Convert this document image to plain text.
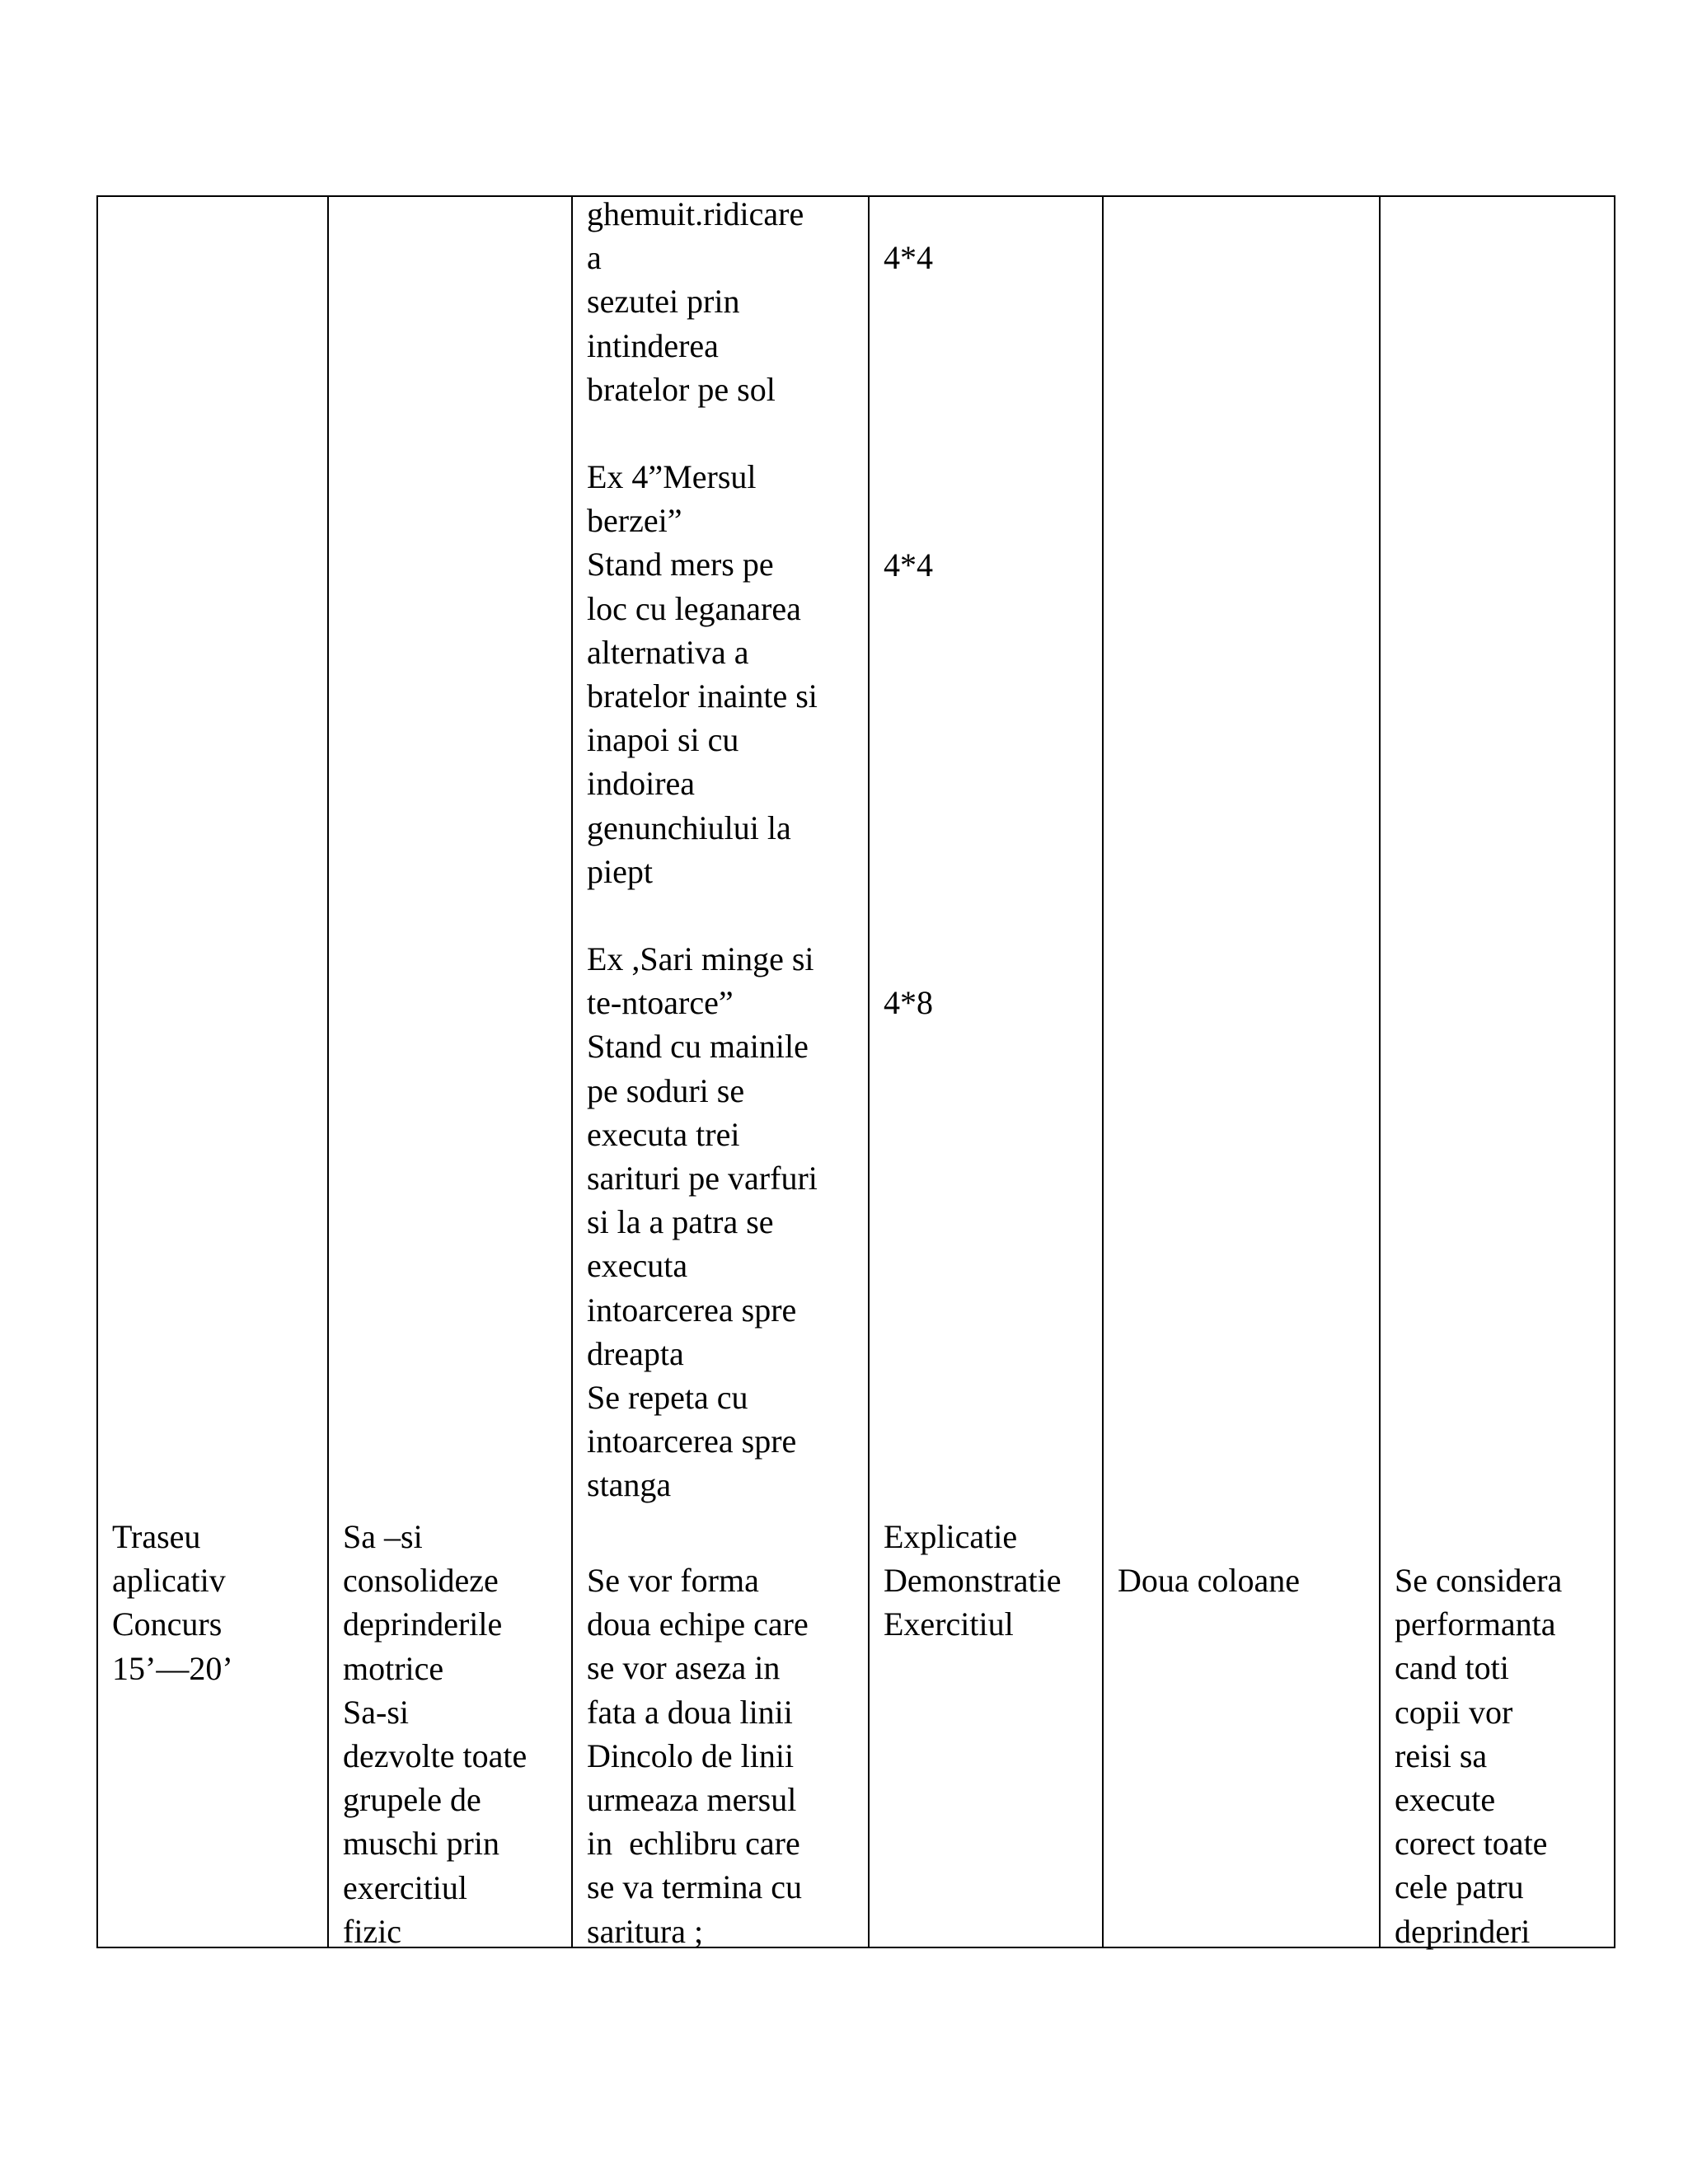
Traseu
aplicativ
Concurs
15’—20’
Sa –si
consolideze
deprinderile
motrice
Sa-si
dezvolte toate
grupele de
muschi prin
exercitiul
fizic
ghemuit.ridicare
a
sezutei prin
intinderea
bratelor pe sol
Ex 4”Mersul
berzei”
Stand mers pe
loc cu leganarea
alternativa a
bratelor inainte si
inapoi si cu
indoirea
genunchiului la
piept
Ex ,Sari minge si
te-ntoarce”
Stand cu mainile
pe soduri se
executa trei
sarituri pe varfuri
si la a patra se
executa
intoarcerea spre
dreapta
Se repeta cu
intoarcerea spre
stanga
Se vor forma
doua echipe care
se vor aseza in
fata a doua linii
Dincolo de linii
urmeaza mersul
in  echlibru care
se va termina cu
saritura ;
4*4
4*4
4*8
Explicatie
Demonstratie
Exercitiul
Doua coloane	Se considera
performanta
cand toti
copii vor
reisi sa
execute
corect toate
cele patru
deprinderi
